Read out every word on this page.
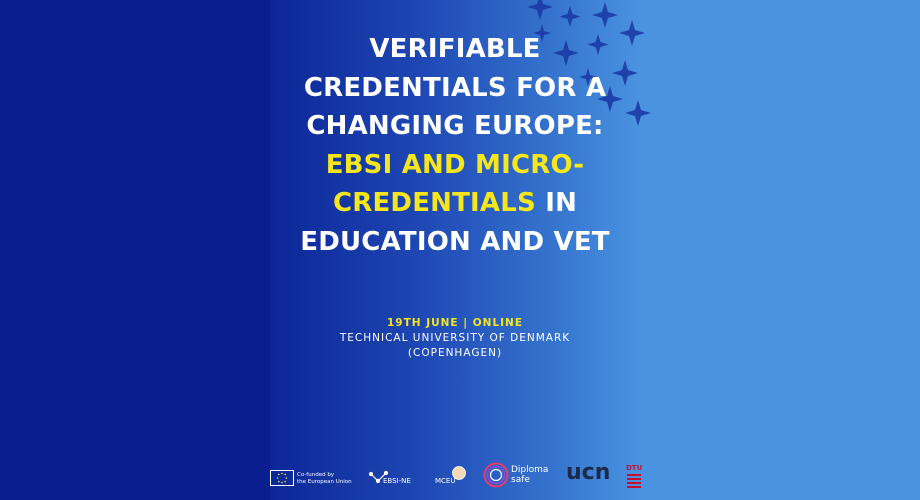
VERIFIABLE
CREDENTIALS FOR A
CHANGING EUROPE:
EBSI AND MICRO-
CREDENTIALS IN
EDUCATION AND VET
19TH JUNE | ONLINE
TECHNICAL UNIVERSITY OF DENMARK
(COPENHAGEN)
Co-funded by
the European Union	EBSI-NE	MCEU
Diploma
safe	ucn DTU
